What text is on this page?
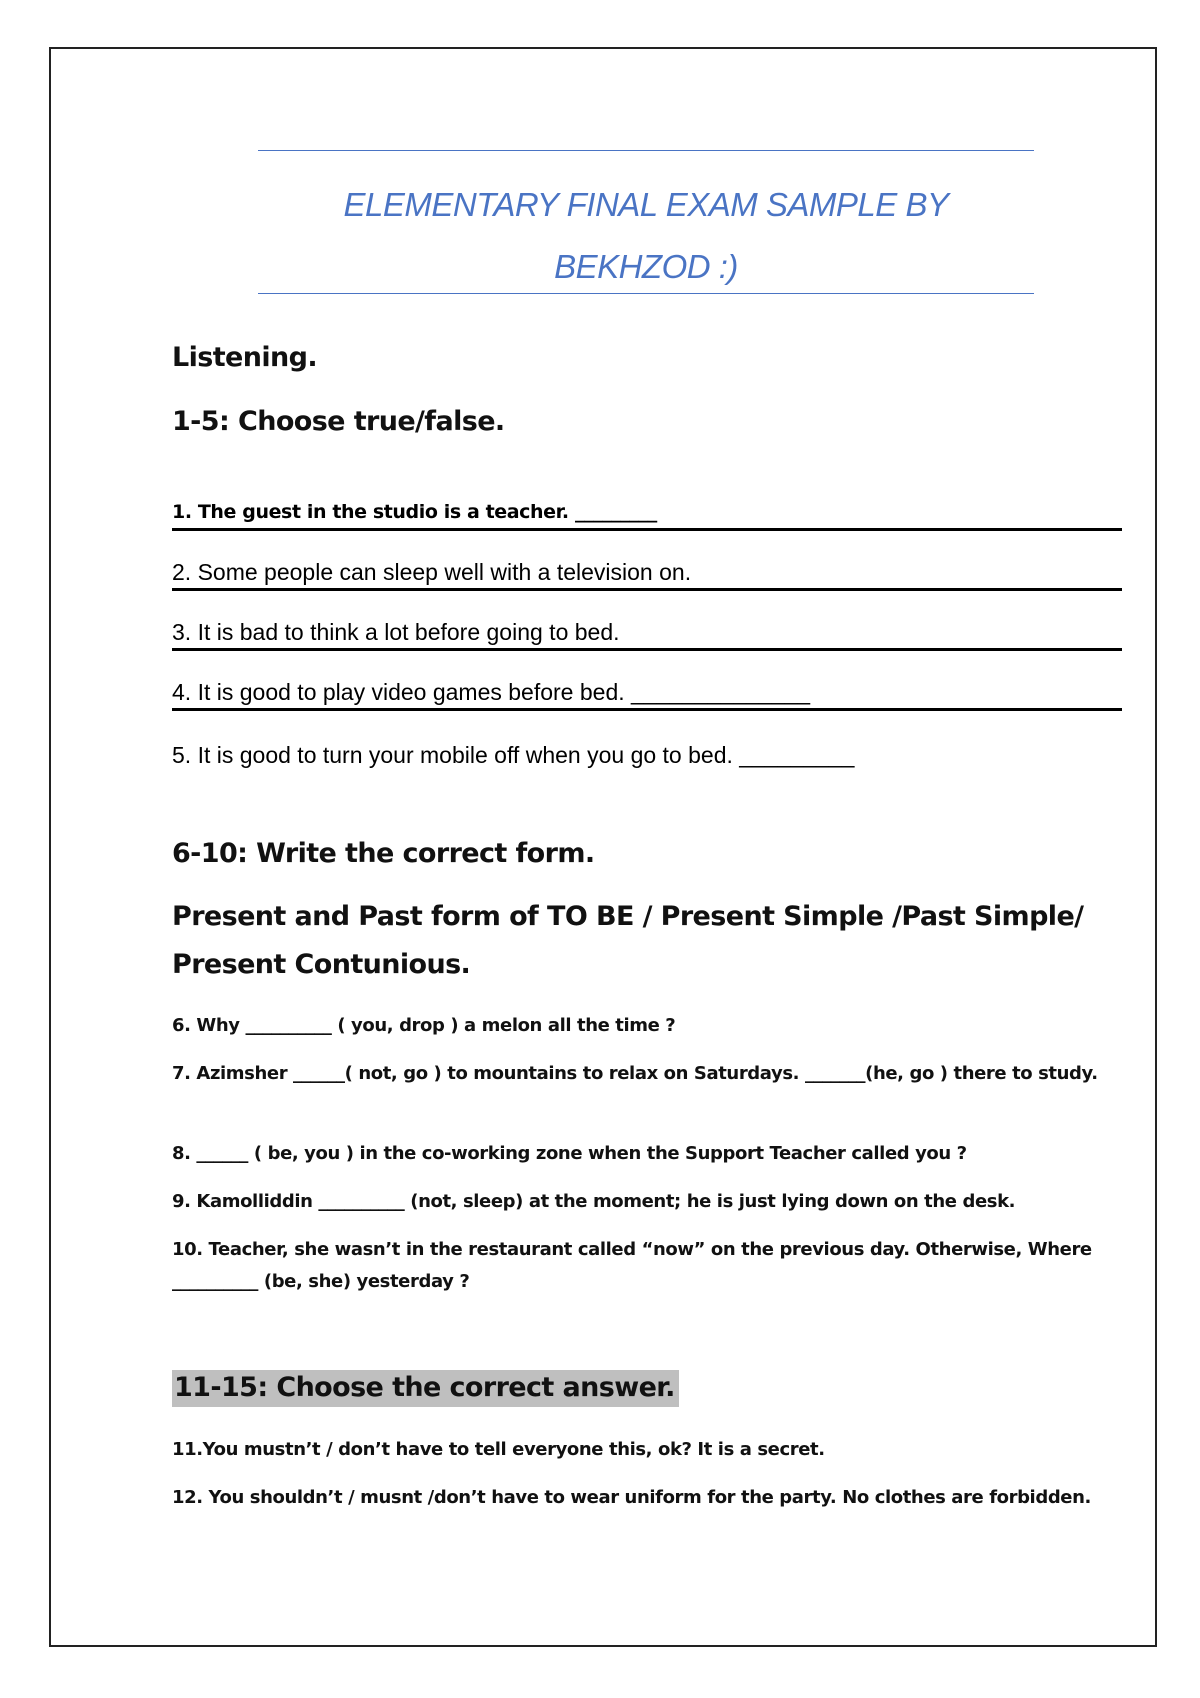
ELEMENTARY FINAL EXAM SAMPLE BY
BEKHZOD :)
Listening.
1-5: Choose true/false.
1. The guest in the studio is a teacher. _________
2. Some people can sleep well with a television on.
3. It is bad to think a lot before going to bed.
4. It is good to play video games before bed. ______________
5. It is good to turn your mobile off when you go to bed. _________
6-10: Write the correct form.
Present and Past form of TO BE / Present Simple /Past Simple/ Present Contunious.
6. Why __________ ( you, drop ) a melon all the time ?
7. Azimsher ______( not, go ) to mountains to relax on Saturdays. _______(he, go ) there to study.
8. ______ ( be, you ) in the co-working zone when the Support Teacher called you ?
9. Kamolliddin __________ (not, sleep) at the moment; he is just lying down on the desk.
10. Teacher, she wasn’t in the restaurant called “now” on the previous day. Otherwise, Where __________ (be, she) yesterday ?
11-15: Choose the correct answer.
11.You mustn’t / don’t have to tell everyone this, ok? It is a secret.
12. You shouldn’t / musnt /don’t have to wear uniform for the party. No clothes are forbidden.
